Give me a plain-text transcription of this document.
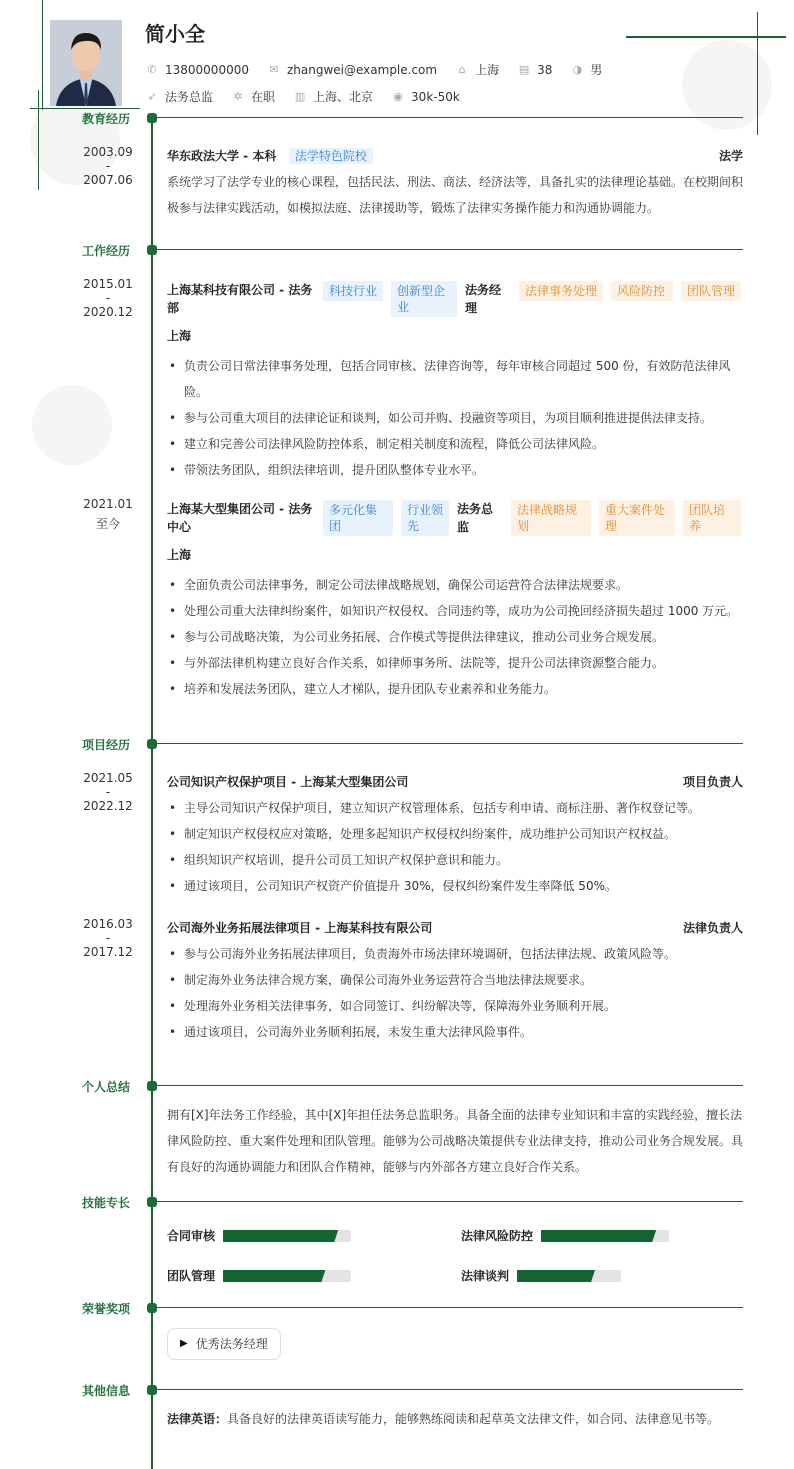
简小全
✆ 13800000000 ✉ zhangwei@example.com	⌂ 上海 ▤ 38 ◑ 男
➶ 法务总监 ✲ 在职 ▥ 上海、北京 ◉ 30k-50k
教育经历
2003.09
-
2007.06
华东政法大学 - 本科 法学特色院校	法学
系统学习了法学专业的核心课程，包括民法、刑法、商法、经济法等，具备扎实的法律理论基础。在校期间积极参与法律实践活动，如模拟法庭、法律援助等，锻炼了法律实务操作能力和沟通协调能力。
工作经历
2015.01
-
2020.12
上海某科技有限公司 - 法务部
科技行业	创新型企业
法务经理
法律事务处理	风险防控	团队管理
上海
• 负责公司日常法律事务处理，包括合同审核、法律咨询等，每年审核合同超过 500 份，有效防范法律风险。
• 参与公司重大项目的法律论证和谈判，如公司并购、投融资等项目，为项目顺利推进提供法律支持。
• 建立和完善公司法律风险防控体系，制定相关制度和流程，降低公司法律风险。
• 带领法务团队，组织法律培训，提升团队整体专业水平。
2021.01
至今
上海某大型集团公司 - 法务中心
多元化集团
行业领先
法务总监
法律战略规划
重大案件处理
团队培养
上海
• 全面负责公司法律事务，制定公司法律战略规划，确保公司运营符合法律法规要求。
• 处理公司重大法律纠纷案件，如知识产权侵权、合同违约等，成功为公司挽回经济损失超过 1000 万元。
• 参与公司战略决策，为公司业务拓展、合作模式等提供法律建议，推动公司业务合规发展。
• 与外部法律机构建立良好合作关系，如律师事务所、法院等，提升公司法律资源整合能力。
• 培养和发展法务团队，建立人才梯队，提升团队专业素养和业务能力。
项目经历
2021.05
-
2022.12
公司知识产权保护项目 - 上海某大型集团公司	项目负责人
• 主导公司知识产权保护项目，建立知识产权管理体系，包括专利申请、商标注册、著作权登记等。
• 制定知识产权侵权应对策略，处理多起知识产权侵权纠纷案件，成功维护公司知识产权权益。
• 组织知识产权培训，提升公司员工知识产权保护意识和能力。
• 通过该项目，公司知识产权资产价值提升 30%，侵权纠纷案件发生率降低 50%。
2016.03
-
2017.12
公司海外业务拓展法律项目 - 上海某科技有限公司	法律负责人
• 参与公司海外业务拓展法律项目，负责海外市场法律环境调研，包括法律法规、政策风险等。
• 制定海外业务法律合规方案，确保公司海外业务运营符合当地法律法规要求。
• 处理海外业务相关法律事务，如合同签订、纠纷解决等，保障海外业务顺利开展。
• 通过该项目，公司海外业务顺利拓展，未发生重大法律风险事件。
个人总结
拥有[X]年法务工作经验，其中[X]年担任法务总监职务。具备全面的法律专业知识和丰富的实践经验，擅长法律风险防控、重大案件处理和团队管理。能够为公司战略决策提供专业法律支持，推动公司业务合规发展。具有良好的沟通协调能力和团队合作精神，能够与内外部各方建立良好合作关系。
技能专长
合同审核	法律风险防控
团队管理	法律谈判
荣誉奖项
▶ 优秀法务经理
其他信息
法律英语：具备良好的法律英语读写能力，能够熟练阅读和起草英文法律文件，如合同、法律意见书等。
